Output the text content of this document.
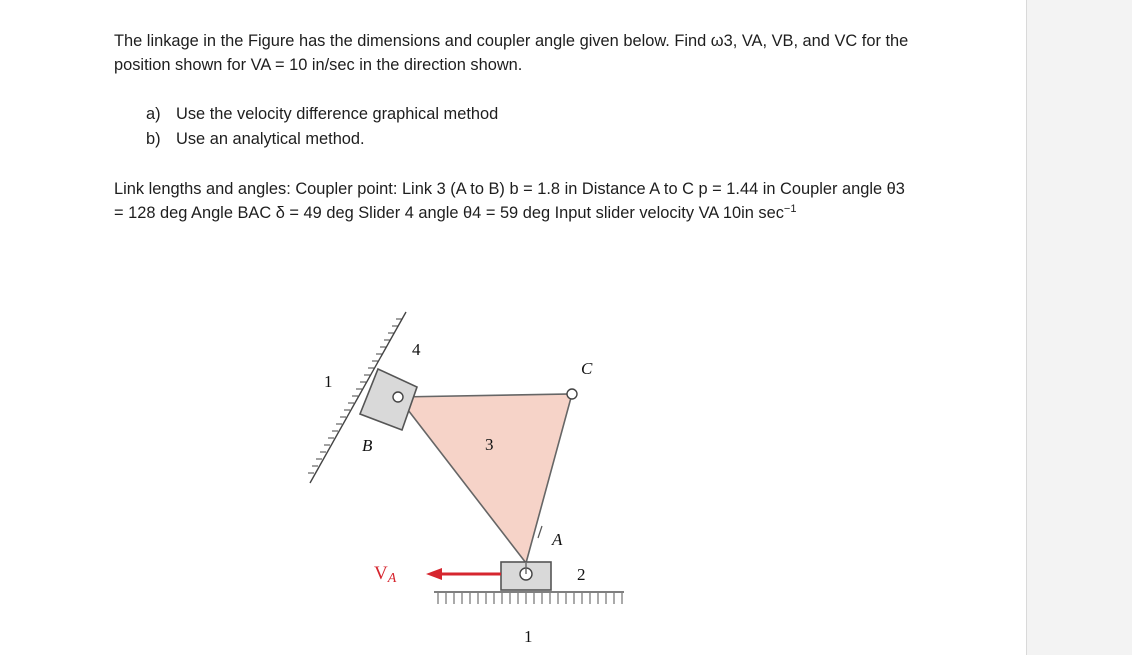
The linkage in the Figure has the dimensions and coupler angle given below. Find ω3, VA, VB, and VC for the position shown for VA = 10 in/sec in the direction shown.

a) Use the velocity difference graphical method
b) Use an analytical method.

Link lengths and angles: Coupler point: Link 3 (A to B) b = 1.8 in Distance A to C p = 1.44 in Coupler angle θ3 = 128 deg Angle BAC δ = 49 deg Slider 4 angle θ4 = 59 deg Input slider velocity VA 10in $\sec^{-1}$

1
4
C
B	3
A
VA	2
1
